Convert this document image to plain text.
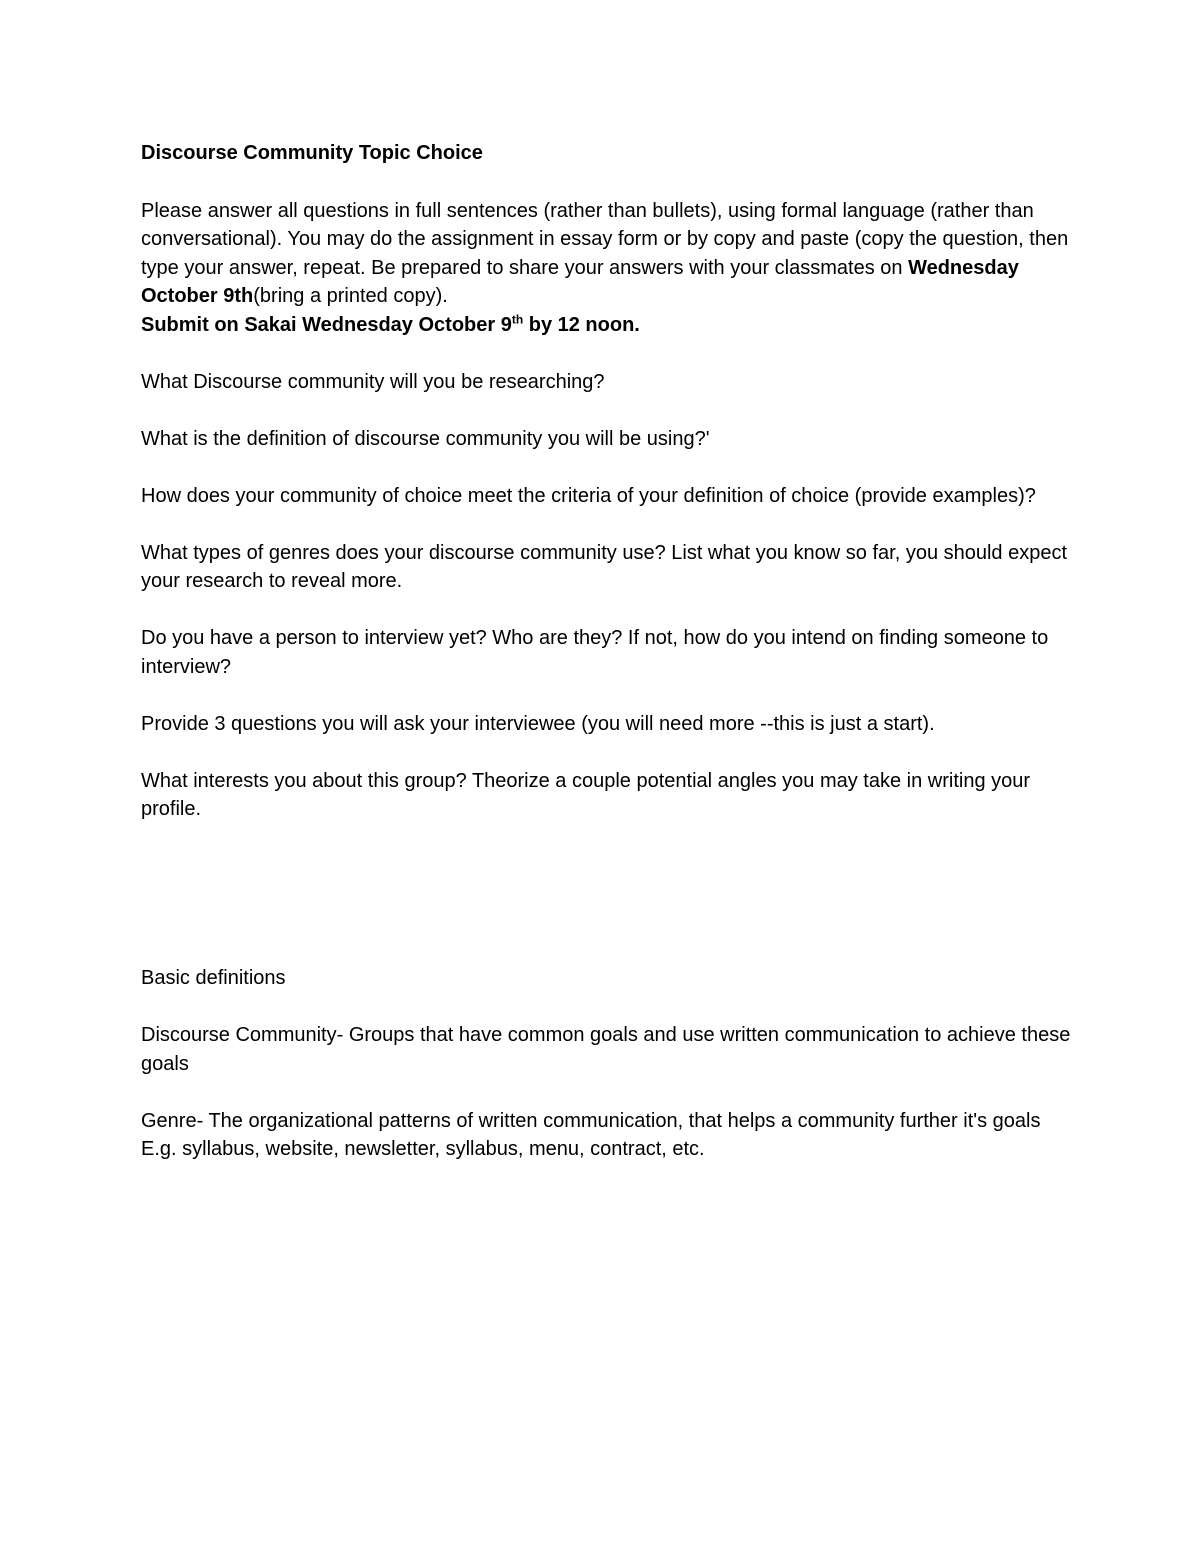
Discourse Community Topic Choice

Please answer all questions in full sentences (rather than bullets), using formal language (rather than conversational). You may do the assignment in essay form or by copy and paste (copy the question, then type your answer, repeat. Be prepared to share your answers with your classmates on Wednesday October 9th(bring a printed copy).

Submit on Sakai Wednesday October 9th by 12 noon.

What Discourse community will you be researching?

What is the definition of discourse community you will be using?'

How does your community of choice meet the criteria of your definition of choice (provide examples)?

What types of genres does your discourse community use? List what you know so far, you should expect your research to reveal more.

Do you have a person to interview yet? Who are they? If not, how do you intend on finding someone to interview?

Provide 3 questions you will ask your interviewee (you will need more --this is just a start).

What interests you about this group? Theorize a couple potential angles you may take in writing your profile.

Basic definitions

Discourse Community- Groups that have common goals and use written communication to achieve these goals

Genre- The organizational patterns of written communication, that helps a community further it's goals E.g. syllabus, website, newsletter, syllabus, menu, contract, etc.
